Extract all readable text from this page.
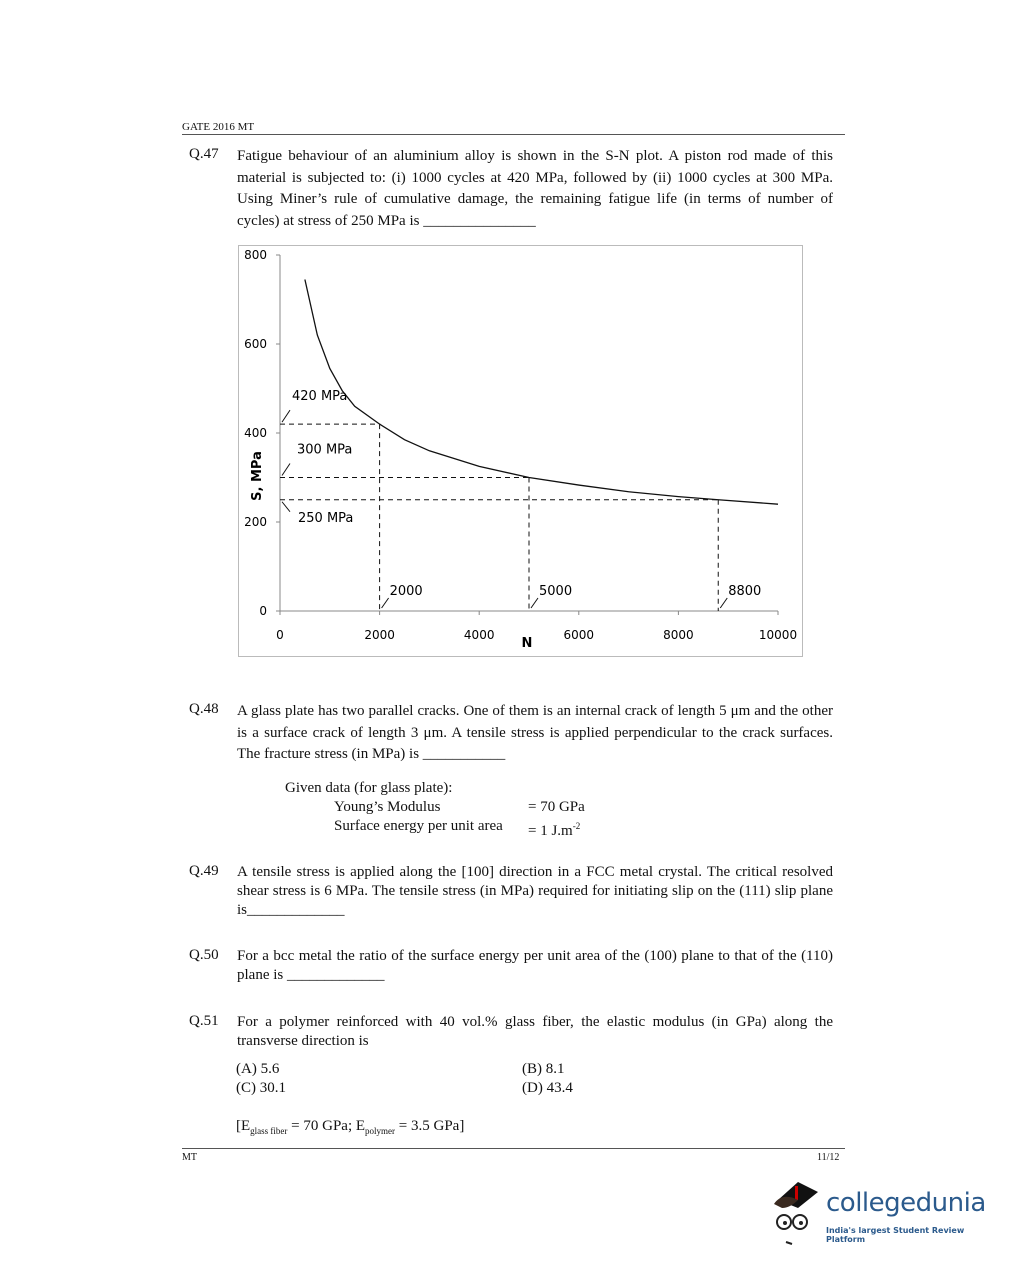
GATE 2016 MT
Q.47 Fatigue behaviour of an aluminium alloy is shown in the S-N plot. A piston rod made of this material is subjected to: (i) 1000 cycles at 420 MPa, followed by (ii) 1000 cycles at 300 MPa. Using Miner’s rule of cumulative damage, the remaining fatigue life (in terms of number of cycles) at stress of 250 MPa is _______________
0	2000	4000	6000	8000	10000
0
200
400
600
800
N
S, MPa
420 MPa
2000
300 MPa
5000
250 MPa
8800
Q.48 A glass plate has two parallel cracks. One of them is an internal crack of length 5 μm and the other is a surface crack of length 3 μm. A tensile stress is applied perpendicular to the crack surfaces. The fracture stress (in MPa) is ___________
Given data (for glass plate):
Young’s Modulus	= 70 GPa
Surface energy per unit area = 1 $J.m^{-2}$
Q.49 A tensile stress is applied along the [100] direction in a FCC metal crystal. The critical resolved shear stress is 6 MPa. The tensile stress (in MPa) required for initiating slip on the (111) slip plane is_____________
Q.50 For a bcc metal the ratio of the surface energy per unit area of the (100) plane to that of the (110) plane is _____________
Q.51 For a polymer reinforced with 40 vol.% glass fiber, the elastic modulus (in GPa) along the transverse direction is
(A) 5.6	(B) 8.1
(C) 30.1	(D) 43.4
[$E_{glass fiber} = 70$ GPa; $E_{polymer} = 3.5$ GPa]
MT	11/12
collegedunia
India's largest Student Review Platform
